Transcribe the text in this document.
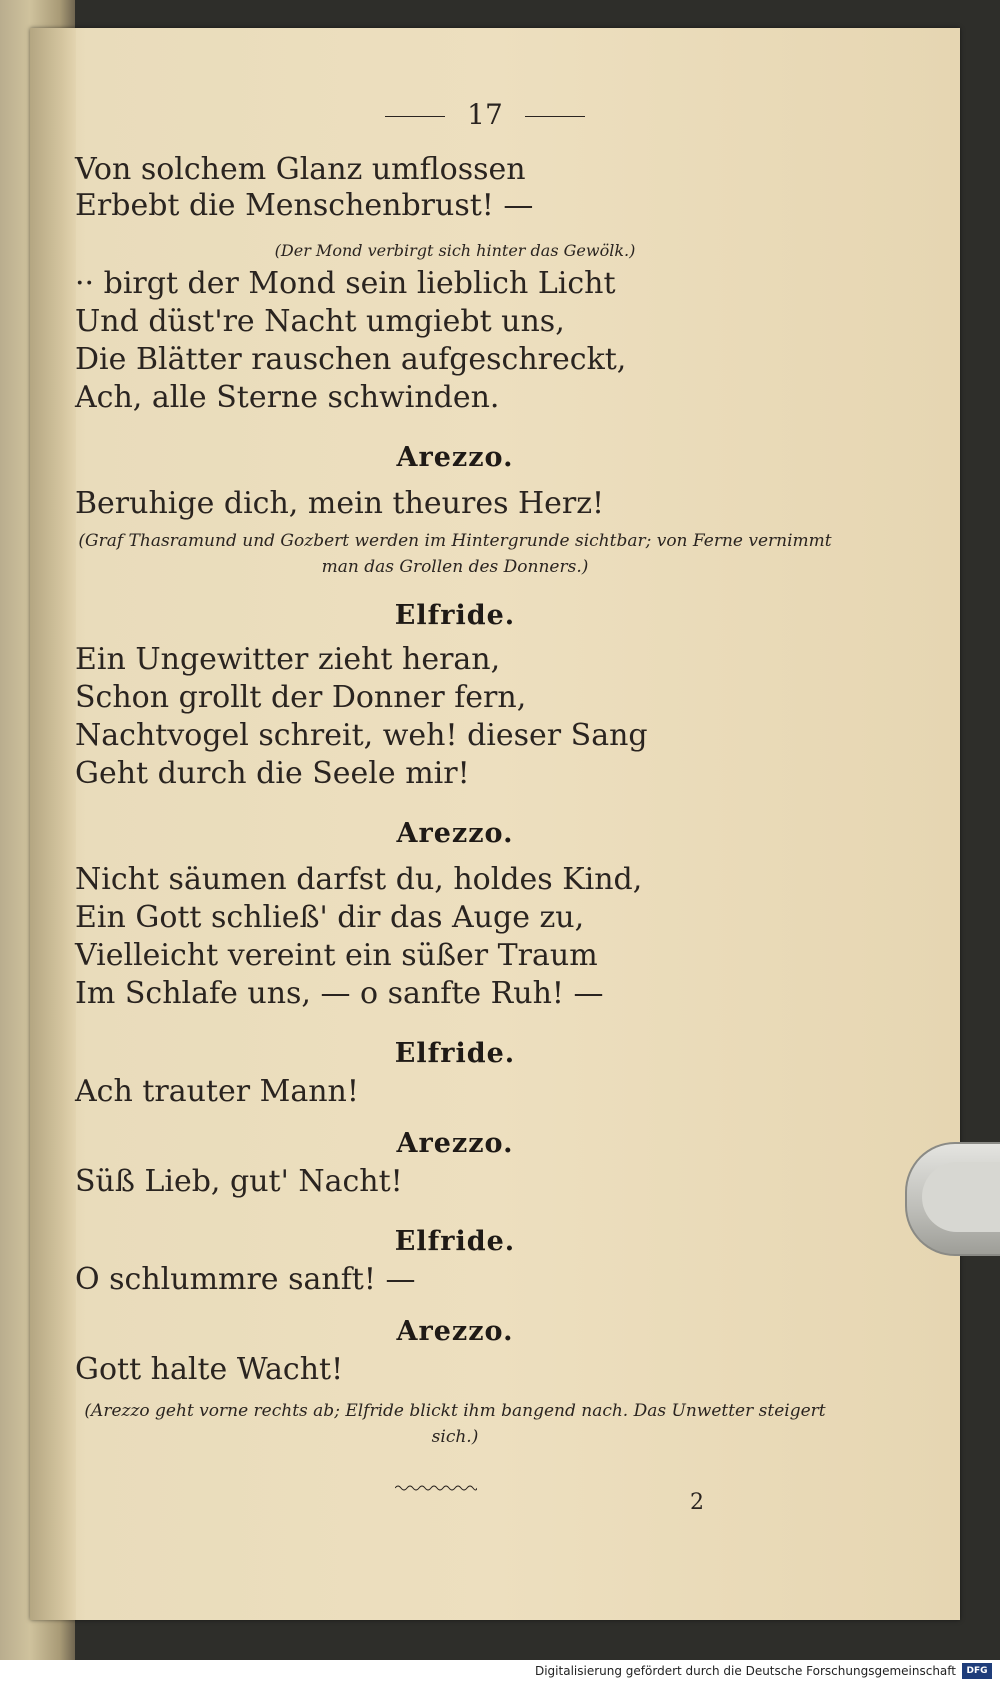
17
Von solchem Glanz umflossen
Erbebt die Menschenbrust! —
(Der Mond verbirgt sich hinter das Gewölk.)
·· birgt der Mond sein lieblich Licht
Und düst're Nacht umgiebt uns,
Die Blätter rauschen aufgeschreckt,
Ach, alle Sterne schwinden.
Arezzo.
Beruhige dich, mein theures Herz!
(Graf Thasramund und Gozbert werden im Hintergrunde sichtbar; von Ferne vernimmt man das Grollen des Donners.)
Elfride.
Ein Ungewitter zieht heran,
Schon grollt der Donner fern,
Nachtvogel schreit, weh! dieser Sang
Geht durch die Seele mir!
Arezzo.
Nicht säumen darfst du, holdes Kind,
Ein Gott schließ' dir das Auge zu,
Vielleicht vereint ein süßer Traum
Im Schlafe uns, — o sanfte Ruh! —
Elfride.
Ach trauter Mann!
Arezzo.
Süß Lieb, gut' Nacht!
Elfride.
O schlummre sanft! —
Arezzo.
Gott halte Wacht!
(Arezzo geht vorne rechts ab; Elfride blickt ihm bangend nach. Das Unwetter steigert sich.)
2
Digitalisierung gefördert durch die Deutsche Forschungsgemeinschaft	DFG
